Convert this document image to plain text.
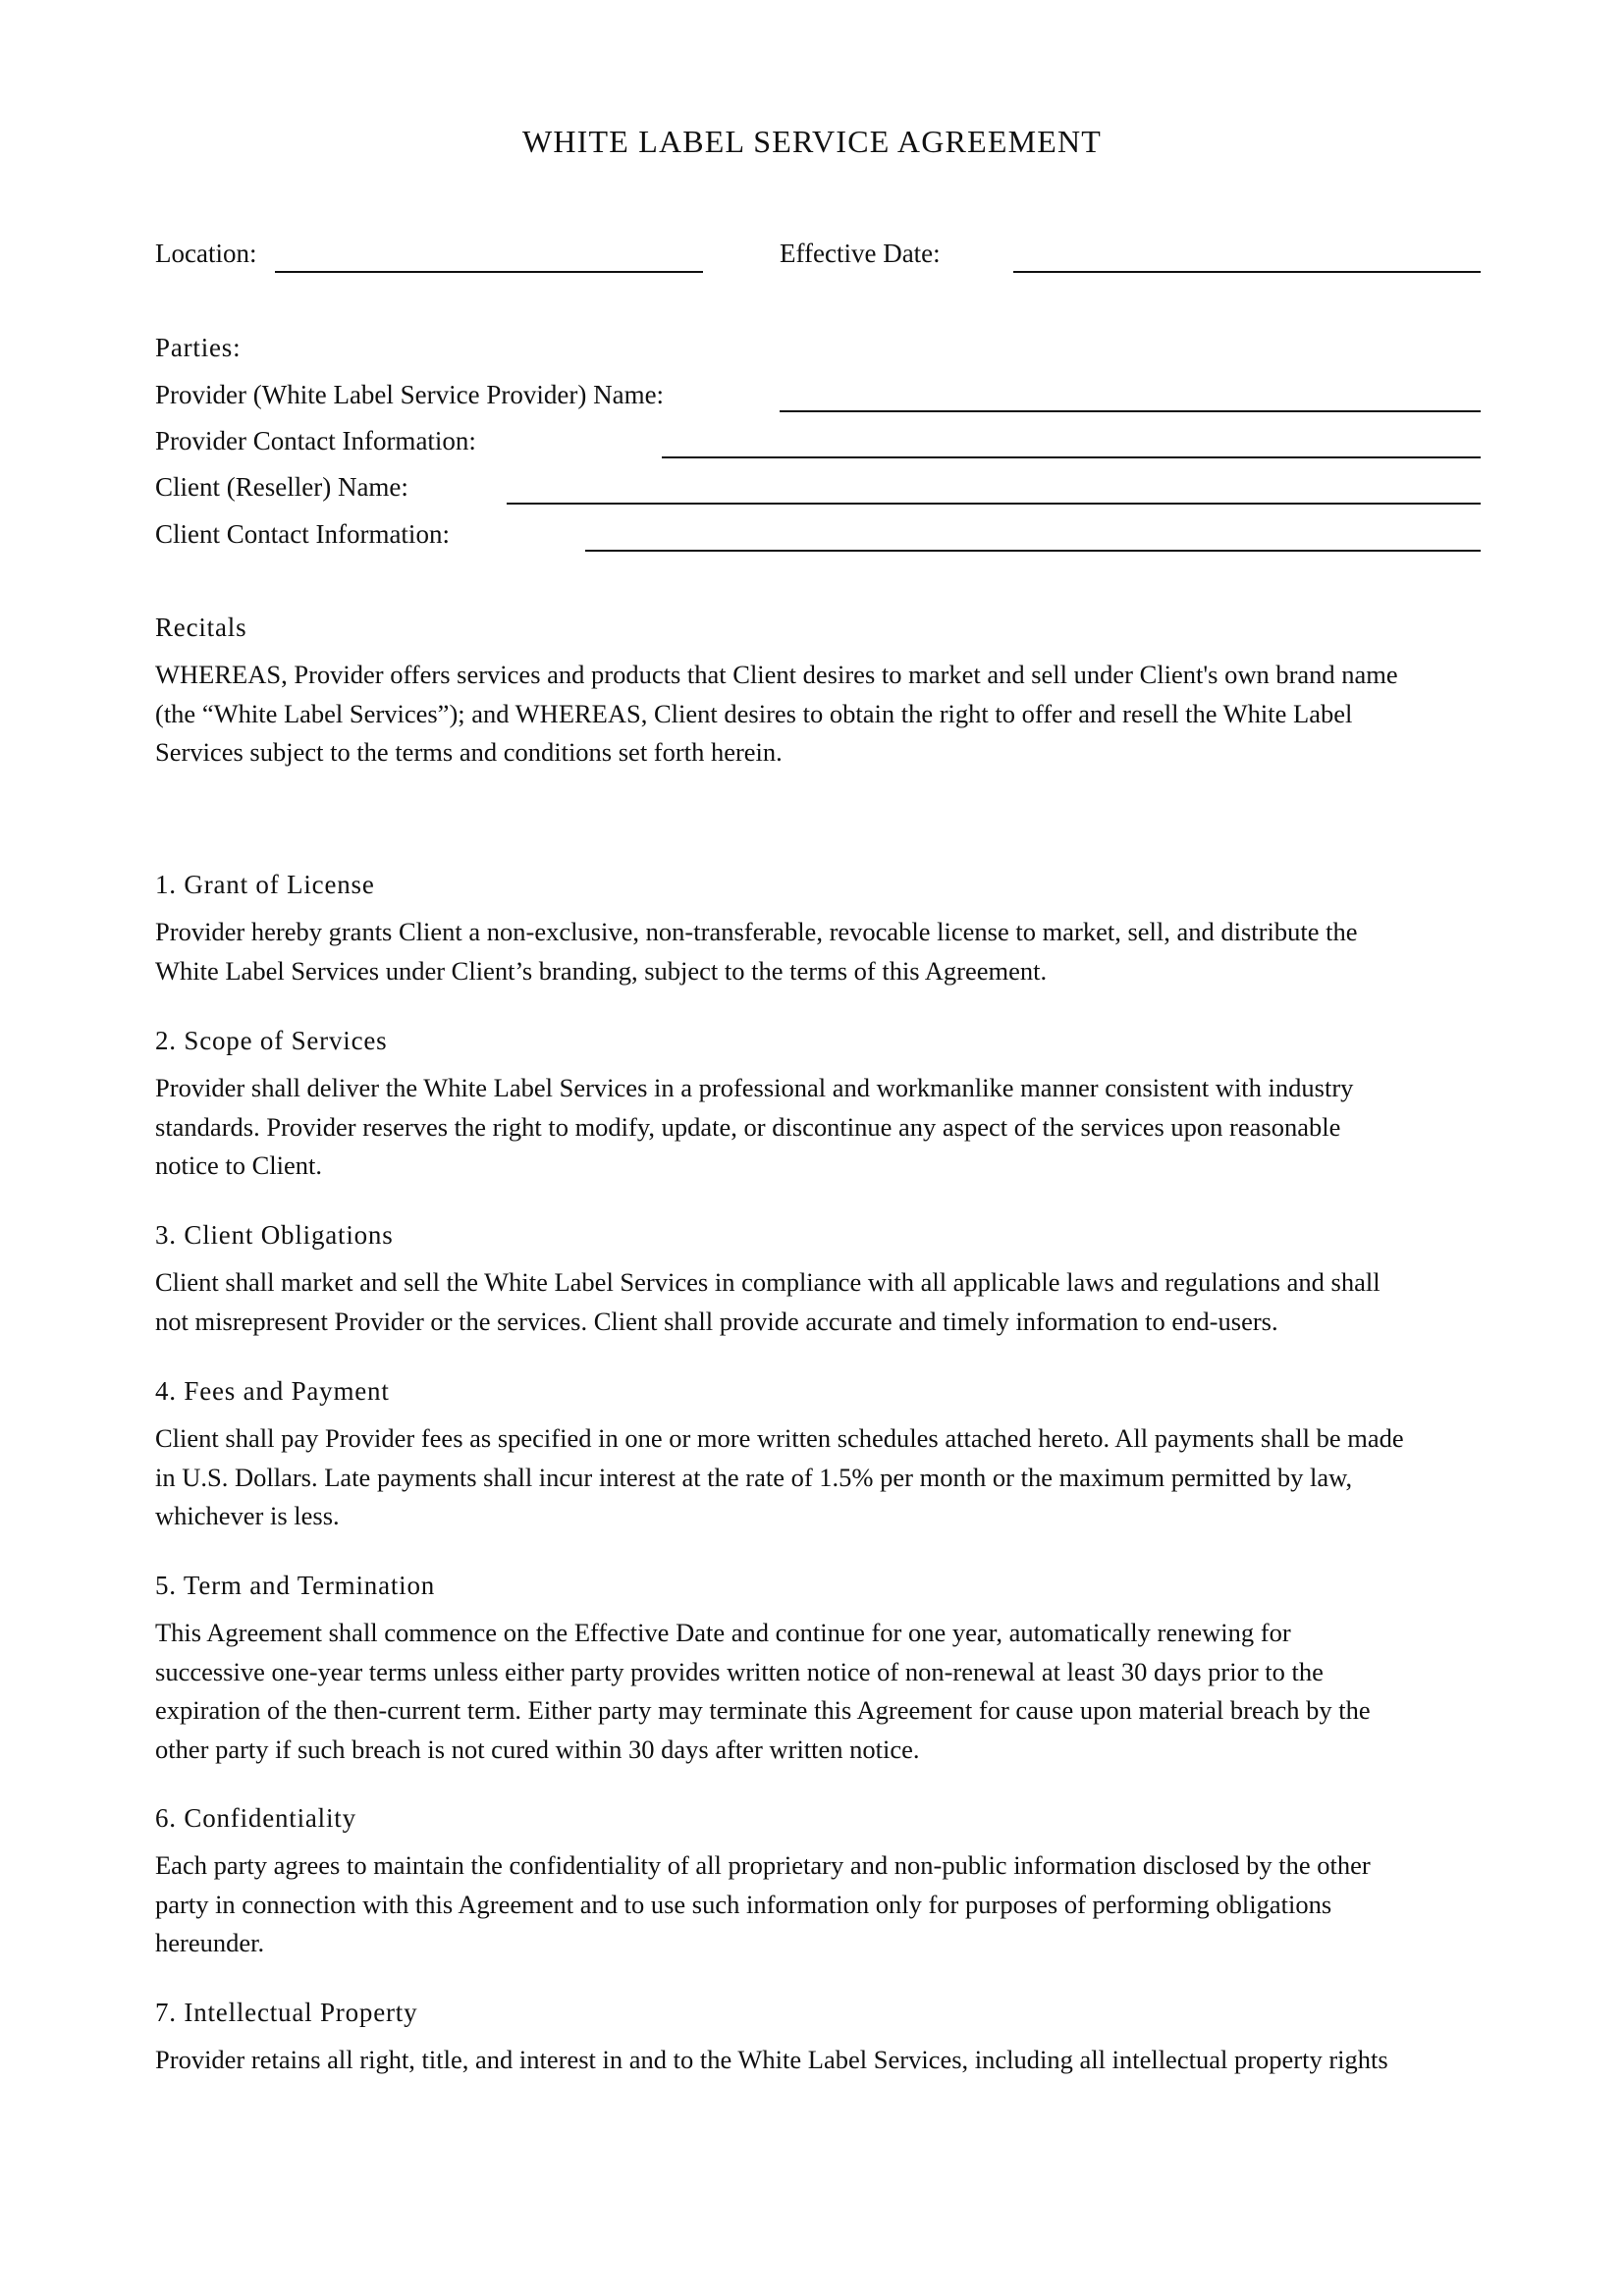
WHITE LABEL SERVICE AGREEMENT
Location:	Effective Date:
Parties:
Provider (White Label Service Provider) Name:
Provider Contact Information:
Client (Reseller) Name:
Client Contact Information:
Recitals
WHEREAS, Provider offers services and products that Client desires to market and sell under Client's own brand name
(the “White Label Services”); and WHEREAS, Client desires to obtain the right to offer and resell the White Label
Services subject to the terms and conditions set forth herein.
1. Grant of License
Provider hereby grants Client a non-exclusive, non-transferable, revocable license to market, sell, and distribute the
White Label Services under Client’s branding, subject to the terms of this Agreement.
2. Scope of Services
Provider shall deliver the White Label Services in a professional and workmanlike manner consistent with industry
standards. Provider reserves the right to modify, update, or discontinue any aspect of the services upon reasonable
notice to Client.
3. Client Obligations
Client shall market and sell the White Label Services in compliance with all applicable laws and regulations and shall
not misrepresent Provider or the services. Client shall provide accurate and timely information to end-users.
4. Fees and Payment
Client shall pay Provider fees as specified in one or more written schedules attached hereto. All payments shall be made
in U.S. Dollars. Late payments shall incur interest at the rate of 1.5% per month or the maximum permitted by law,
whichever is less.
5. Term and Termination
This Agreement shall commence on the Effective Date and continue for one year, automatically renewing for
successive one-year terms unless either party provides written notice of non-renewal at least 30 days prior to the
expiration of the then-current term. Either party may terminate this Agreement for cause upon material breach by the
other party if such breach is not cured within 30 days after written notice.
6. Confidentiality
Each party agrees to maintain the confidentiality of all proprietary and non-public information disclosed by the other
party in connection with this Agreement and to use such information only for purposes of performing obligations
hereunder.
7. Intellectual Property
Provider retains all right, title, and interest in and to the White Label Services, including all intellectual property rights
